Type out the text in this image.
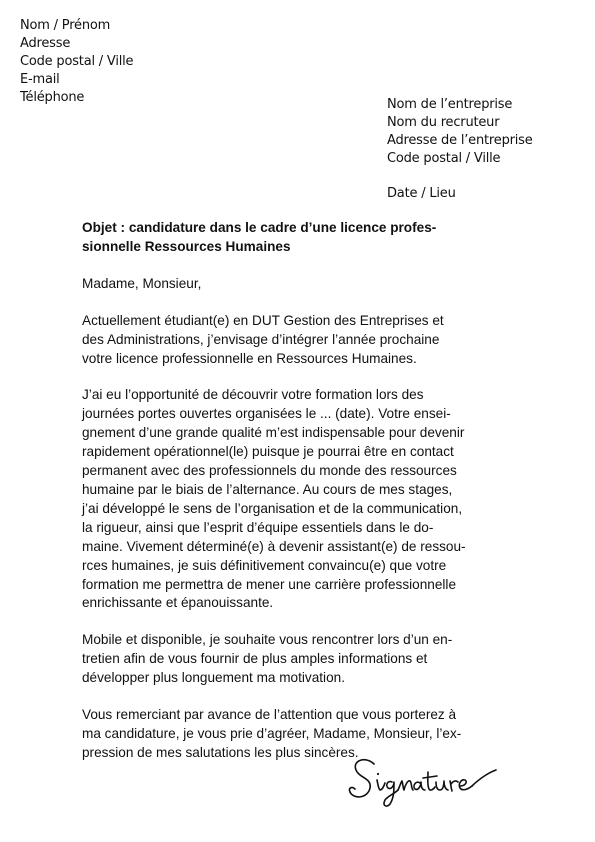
Nom / Prénom
Adresse
Code postal / Ville
E-mail
Téléphone	Nom de l’entreprise
Nom du recruteur
Adresse de l’entreprise
Code postal / Ville
Date / Lieu
Objet : candidature dans le cadre d’une licence profes-
sionnelle Ressources Humaines
Madame, Monsieur,
Actuellement étudiant(e) en DUT Gestion des Entreprises et
des Administrations, j’envisage d’intégrer l’année prochaine
votre licence professionnelle en Ressources Humaines.
J’ai eu l’opportunité de découvrir votre formation lors des
journées portes ouvertes organisées le ... (date). Votre ensei-
gnement d’une grande qualité m’est indispensable pour devenir
rapidement opérationnel(le) puisque je pourrai être en contact
permanent avec des professionnels du monde des ressources
humaine par le biais de l’alternance. Au cours de mes stages,
j’ai développé le sens de l’organisation et de la communication,
la rigueur, ainsi que l’esprit d’équipe essentiels dans le do-
maine. Vivement déterminé(e) à devenir assistant(e) de ressou-
rces humaines, je suis définitivement convaincu(e) que votre
formation me permettra de mener une carrière professionnelle
enrichissante et épanouissante.
Mobile et disponible, je souhaite vous rencontrer lors d’un en-
tretien afin de vous fournir de plus amples informations et
développer plus longuement ma motivation.
Vous remerciant par avance de l’attention que vous porterez à
ma candidature, je vous prie d’agréer, Madame, Monsieur, l’ex-
pression de mes salutations les plus sincères.
